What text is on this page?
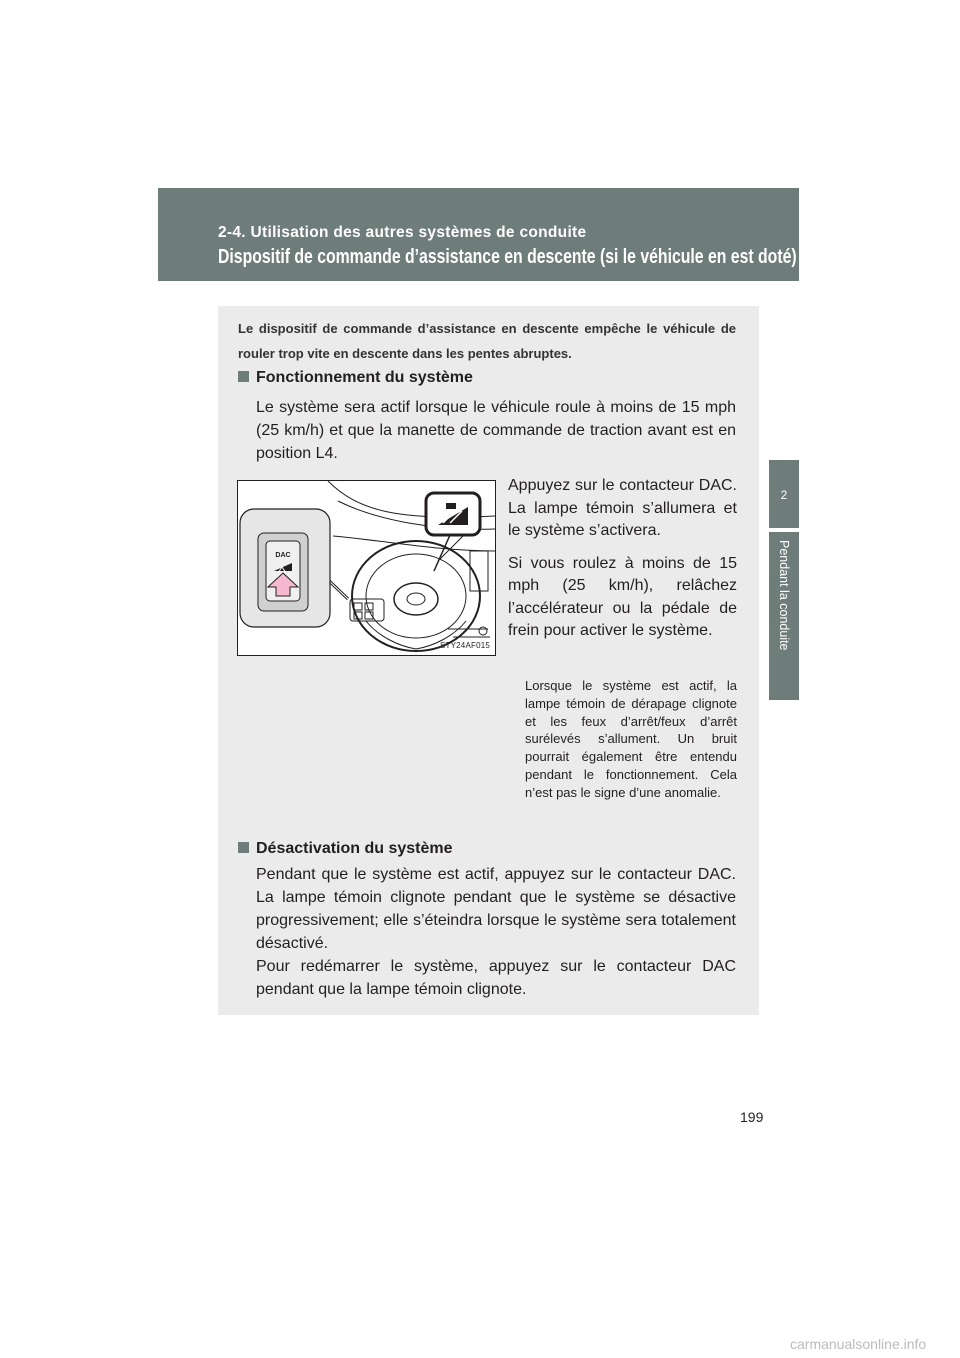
2-4. Utilisation des autres systèmes de conduite
Dispositif de commande d’assistance en descente (si le véhicule en est doté)
2
Pendant la conduite
Le dispositif de commande d’assistance en descente empêche le véhicule de rouler trop vite en descente dans les pentes abruptes.
Fonctionnement du système

Le système sera actif lorsque le véhicule roule à moins de 15 mph (25 km/h) et que la manette de commande de traction avant est en position L4.

DAC
STY24AF015

Appuyez sur le contacteur DAC. La lampe témoin s’allumera et le système s’activera.

Si vous roulez à moins de 15 mph (25 km/h), relâchez l’accélérateur ou la pédale de frein pour activer le système.

Lorsque le système est actif, la lampe témoin de dérapage clignote et les feux d’arrêt/feux d’arrêt surélevés s’allument. Un bruit pourrait également être entendu pendant le fonctionnement. Cela n’est pas le signe d’une anomalie.
Désactivation du système

Pendant que le système est actif, appuyez sur le contacteur DAC. La lampe témoin clignote pendant que le système se désactive progressivement; elle s’éteindra lorsque le système sera totalement désactivé.

Pour redémarrer le système, appuyez sur le contacteur DAC pendant que la lampe témoin clignote.

199
carmanualsonline.info
